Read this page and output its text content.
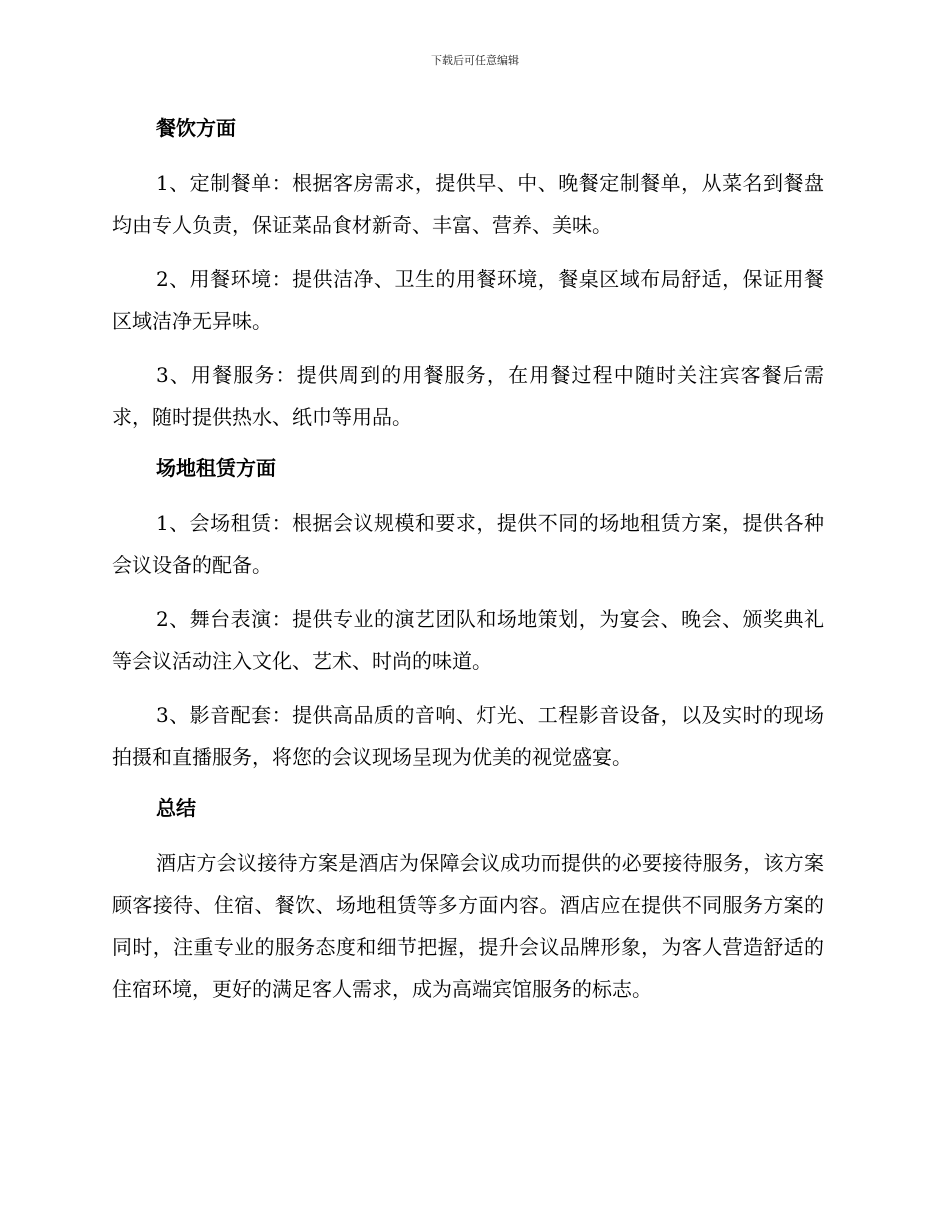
下载后可任意编辑
餐饮方面

1、定制餐单：根据客房需求，提供早、中、晚餐定制餐单，从菜名到餐盘均由专人负责，保证菜品食材新奇、丰富、营养、美味。

2、用餐环境：提供洁净、卫生的用餐环境，餐桌区域布局舒适，保证用餐区域洁净无异味。

3、用餐服务：提供周到的用餐服务，在用餐过程中随时关注宾客餐后需求，随时提供热水、纸巾等用品。

场地租赁方面

1、会场租赁：根据会议规模和要求，提供不同的场地租赁方案，提供各种会议设备的配备。

2、舞台表演：提供专业的演艺团队和场地策划，为宴会、晚会、颁奖典礼等会议活动注入文化、艺术、时尚的味道。

3、影音配套：提供高品质的音响、灯光、工程影音设备，以及实时的现场拍摄和直播服务，将您的会议现场呈现为优美的视觉盛宴。

总结

酒店方会议接待方案是酒店为保障会议成功而提供的必要接待服务，该方案顾客接待、住宿、餐饮、场地租赁等多方面内容。酒店应在提供不同服务方案的同时，注重专业的服务态度和细节把握，提升会议品牌形象，为客人营造舒适的住宿环境，更好的满足客人需求，成为高端宾馆服务的标志。
